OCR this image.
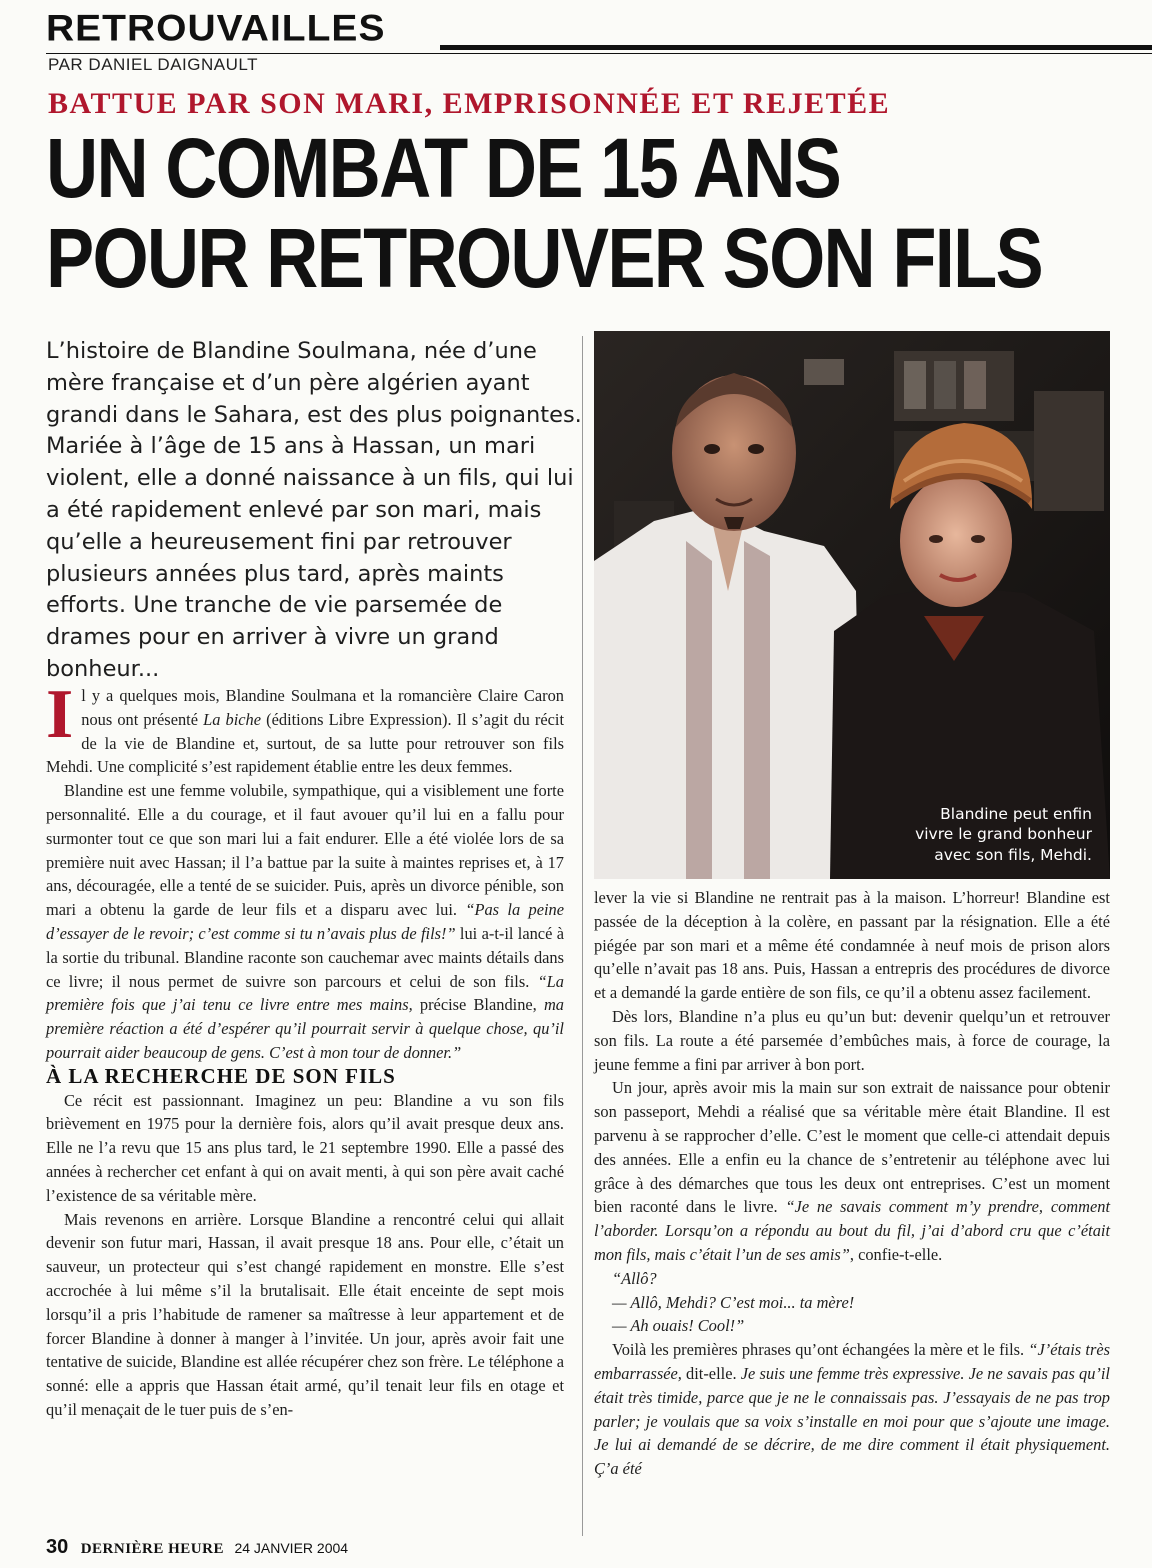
RETROUVAILLES
PAR DANIEL DAIGNAULT
BATTUE PAR SON MARI, EMPRISONNÉE ET REJETÉE
UN COMBAT DE 15 ANS
POUR RETROUVER SON FILS
L’histoire de Blandine Soulmana, née d’une mère française et d’un père algérien ayant grandi dans le Sahara, est des plus poignantes. Mariée à l’âge de 15 ans à Hassan, un mari violent, elle a donné naissance à un fils, qui lui a été rapidement enlevé par son mari, mais qu’elle a heureusement fini par retrouver plusieurs années plus tard, après maints efforts. Une tranche de vie parsemée de drames pour en arriver à vivre un grand bonheur...
Blandine peut enfin
vivre le grand bonheur
avec son fils, Mehdi.

Il y a quelques mois, Blandine Soulmana et la romancière Claire Caron nous ont présenté La biche (éditions Libre Expression). Il s’agit du récit de la vie de Blandine et, surtout, de sa lutte pour retrouver son fils Mehdi. Une complicité s’est rapidement établie entre les deux femmes.

Blandine est une femme volubile, sympathique, qui a visiblement une forte personnalité. Elle a du courage, et il faut avouer qu’il lui en a fallu pour surmonter tout ce que son mari lui a fait endurer. Elle a été violée lors de sa première nuit avec Hassan; il l’a battue par la suite à maintes reprises et, à 17 ans, découragée, elle a tenté de se suicider. Puis, après un divorce pénible, son mari a obtenu la garde de leur fils et a disparu avec lui. “Pas la peine d’essayer de le revoir; c’est comme si tu n’avais plus de fils!” lui a-t-il lancé à la sortie du tribunal. Blandine raconte son cauchemar avec maints détails dans ce livre; il nous permet de suivre son parcours et celui de son fils. “La première fois que j’ai tenu ce livre entre mes mains, précise Blandine, ma première réaction a été d’espérer qu’il pourrait servir à quelque chose, qu’il pourrait aider beaucoup de gens. C’est à mon tour de donner.”

À LA RECHERCHE DE SON FILS

Ce récit est passionnant. Imaginez un peu: Blandine a vu son fils brièvement en 1975 pour la dernière fois, alors qu’il avait presque deux ans. Elle ne l’a revu que 15 ans plus tard, le 21 septembre 1990. Elle a passé des années à rechercher cet enfant à qui on avait menti, à qui son père avait caché l’existence de sa véritable mère.

Mais revenons en arrière. Lorsque Blandine a rencontré celui qui allait devenir son futur mari, Hassan, il avait presque 18 ans. Pour elle, c’était un sauveur, un protecteur qui s’est changé rapidement en monstre. Elle s’est accrochée à lui même s’il la brutalisait. Elle était enceinte de sept mois lorsqu’il a pris l’habitude de ramener sa maîtresse à leur appartement et de forcer Blandine à donner à manger à l’invitée. Un jour, après avoir fait une tentative de suicide, Blandine est allée récupérer chez son frère. Le téléphone a sonné: elle a appris que Hassan était armé, qu’il tenait leur fils en otage et qu’il menaçait de le tuer puis de s’en-

lever la vie si Blandine ne rentrait pas à la maison. L’horreur! Blandine est passée de la déception à la colère, en passant par la résignation. Elle a été piégée par son mari et a même été condamnée à neuf mois de prison alors qu’elle n’avait pas 18 ans. Puis, Hassan a entrepris des procédures de divorce et a demandé la garde entière de son fils, ce qu’il a obtenu assez facilement.

Dès lors, Blandine n’a plus eu qu’un but: devenir quelqu’un et retrouver son fils. La route a été parsemée d’embûches mais, à force de courage, la jeune femme a fini par arriver à bon port.

Un jour, après avoir mis la main sur son extrait de naissance pour obtenir son passeport, Mehdi a réalisé que sa véritable mère était Blandine. Il est parvenu à se rapprocher d’elle. C’est le moment que celle-ci attendait depuis des années. Elle a enfin eu la chance de s’entretenir au téléphone avec lui grâce à des démarches que tous les deux ont entreprises. C’est un moment bien raconté dans le livre. “Je ne savais comment m’y prendre, comment l’aborder. Lorsqu’on a répondu au bout du fil, j’ai d’abord cru que c’était mon fils, mais c’était l’un de ses amis”, confie-t-elle.

“Allô?

— Allô, Mehdi? C’est moi... ta mère!

— Ah ouais! Cool!”

Voilà les premières phrases qu’ont échangées la mère et le fils. “J’étais très embarrassée, dit-elle. Je suis une femme très expressive. Je ne savais pas qu’il était très timide, parce que je ne le connaissais pas. J’essayais de ne pas trop parler; je voulais que sa voix s’installe en moi pour que s’ajoute une image. Je lui ai demandé de se décrire, de me dire comment il était physiquement. Ç’a été

30 DERNIÈRE HEURE 24 JANVIER 2004
